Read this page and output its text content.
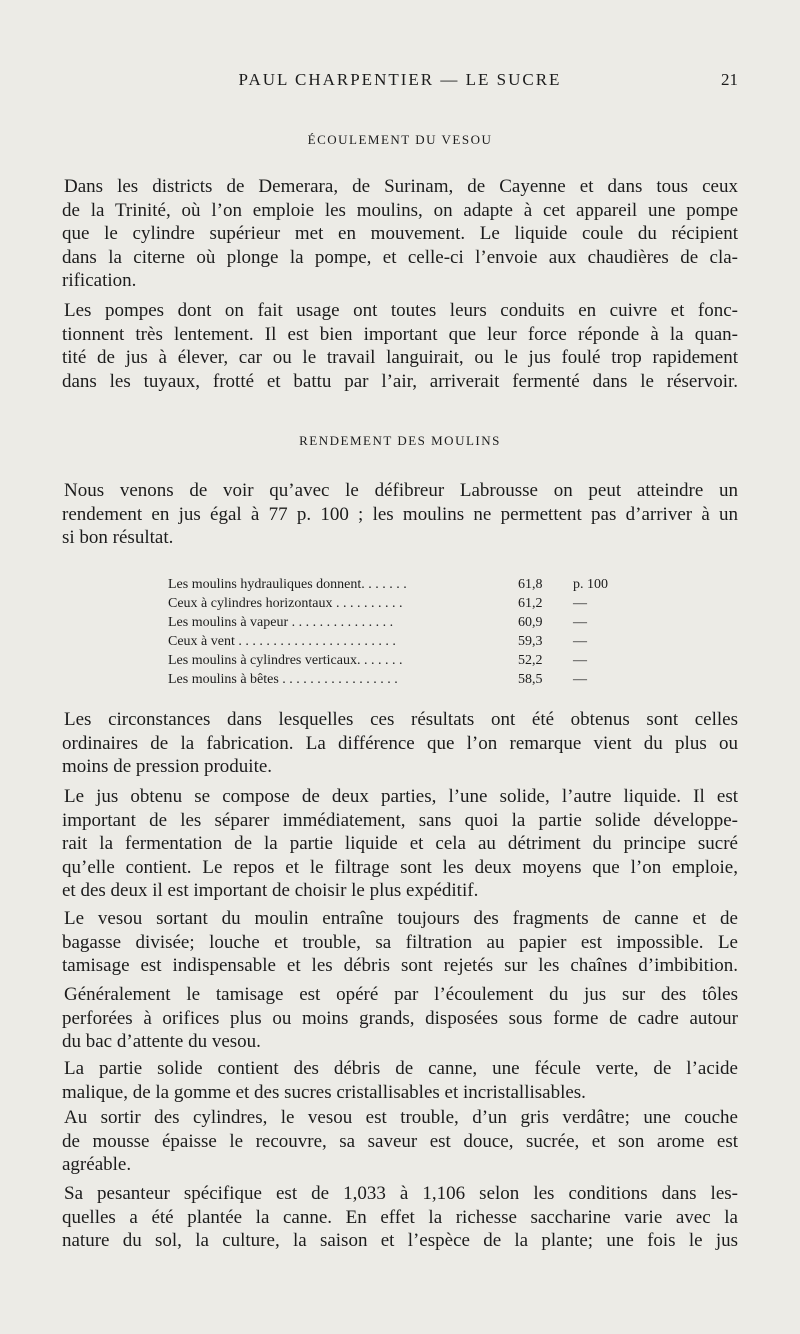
PAUL CHARPENTIER — LE SUCRE	21
ÉCOULEMENT DU VESOU
Dans les districts de Demerara, de Surinam, de Cayenne et dans tous ceux
de la Trinité, où l’on emploie les moulins, on adapte à cet appareil une pompe
que le cylindre supérieur met en mouvement. Le liquide coule du récipient
dans la citerne où plonge la pompe, et celle-ci l’envoie aux chaudières de cla-
rification.
Les pompes dont on fait usage ont toutes leurs conduits en cuivre et fonc-
tionnent très lentement. Il est bien important que leur force réponde à la quan-
tité de jus à élever, car ou le travail languirait, ou le jus foulé trop rapidement
dans les tuyaux, frotté et battu par l’air, arriverait fermenté dans le réservoir.
RENDEMENT DES MOULINS
Nous venons de voir qu’avec le défibreur Labrousse on peut atteindre un
rendement en jus égal à 77 p. 100 ; les moulins ne permettent pas d’arriver à un
si bon résultat.
Les moulins hydrauliques donnent. . . . . . .	61,8	p. 100
Ceux à cylindres horizontaux . . . . . . . . . .	61,2	—
Les moulins à vapeur . . . . . . . . . . . . . . .	60,9	—
Ceux à vent . . . . . . . . . . . . . . . . . . . . . . .	59,3	—
Les moulins à cylindres verticaux. . . . . . .	52,2	—
Les moulins à bêtes . . . . . . . . . . . . . . . . .	58,5	—
Les circonstances dans lesquelles ces résultats ont été obtenus sont celles
ordinaires de la fabrication. La différence que l’on remarque vient du plus ou
moins de pression produite.
Le jus obtenu se compose de deux parties, l’une solide, l’autre liquide. Il est
important de les séparer immédiatement, sans quoi la partie solide développe-
rait la fermentation de la partie liquide et cela au détriment du principe sucré
qu’elle contient. Le repos et le filtrage sont les deux moyens que l’on emploie,
et des deux il est important de choisir le plus expéditif.
Le vesou sortant du moulin entraîne toujours des fragments de canne et de
bagasse divisée; louche et trouble, sa filtration au papier est impossible. Le
tamisage est indispensable et les débris sont rejetés sur les chaînes d’imbibition.
Généralement le tamisage est opéré par l’écoulement du jus sur des tôles
perforées à orifices plus ou moins grands, disposées sous forme de cadre autour
du bac d’attente du vesou.
La partie solide contient des débris de canne, une fécule verte, de l’acide
malique, de la gomme et des sucres cristallisables et incristallisables.
Au sortir des cylindres, le vesou est trouble, d’un gris verdâtre; une couche
de mousse épaisse le recouvre, sa saveur est douce, sucrée, et son arome est
agréable.
Sa pesanteur spécifique est de 1,033 à 1,106 selon les conditions dans les-
quelles a été plantée la canne. En effet la richesse saccharine varie avec la
nature du sol, la culture, la saison et l’espèce de la plante; une fois le jus
